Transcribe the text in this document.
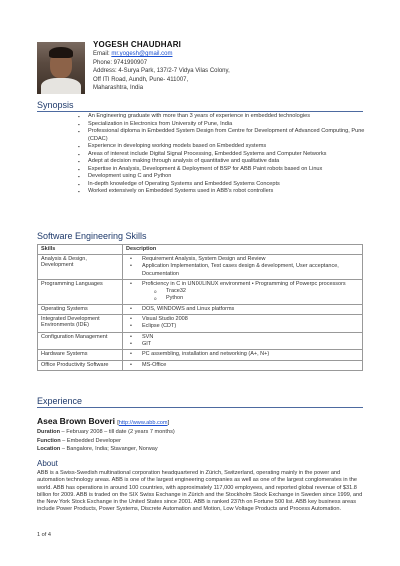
YOGESH CHAUDHARI
Email: mr.yogesh@gmail.com
Phone: 9741990907
Address: 4-Surya Park, 137/2-7 Vidya Vilas Colony,
Off ITI Road, Aundh, Pune- 411007,
Maharashtra, India
Synopsis
▪ An Engineering graduate with more than 3 years of experience in embedded technologies
▪ Specialization in Electronics from University of Pune, India
▪ Professional diploma in Embedded System Design from Centre for Development of Advanced Computing, Pune (CDAC)
▪ Experience in developing working models based on Embedded systems
▪ Areas of interest include Digital Signal Processing, Embedded Systems and Computer Networks
▪ Adept at decision making through analysis of quantitative and qualitative data
▪ Expertise in Analysis, Development & Deployment of BSP for ABB Paint robots based on Linux
▪ Development using C and Python
▪ In-depth knowledge of Operating Systems and Embedded Systems Concepts
▪ Worked extensively on Embedded Systems used in ABB's robot controllers
Software Engineering Skills
Skills	Description
Analysis & Design, Development	• Requirement Analysis, System Design and Review
• Application Implementation, Test cases design & development, User acceptance, Documentation

Programming Languages	• Proficiency in C in UNIX/LINUX environment • Programming of Powerpc processors
o Trace32
o Python

Operating Systems	• DOS, WINDOWS and Linux platforms

Integrated Development Environments (IDE)	• Visual Studio 2008
• Eclipse (CDT)

Configuration Management	• SVN
• GIT

Hardware Systems	• PC assembling, installation and networking (A+, N+)

Office Productivity Software	• MS-Office
Experience
Asea Brown Boveri [http://www.abb.com]
Duration – February 2008 – till date (2 years 7 months)
Function – Embedded Developer
Location – Bangalore, India; Stavanger, Norway
About
ABB is a Swiss-Swedish multinational corporation headquartered in Zürich, Switzerland, operating mainly in the power and automation technology areas. ABB is one of the largest engineering companies as well as one of the largest conglomerates in the world. ABB has operations in around 100 countries, with approximately 117,000 employees, and reported global revenue of $31.8 billion for 2009. ABB is traded on the SIX Swiss Exchange in Zürich and the Stockholm Stock Exchange in Sweden since 1999, and the New York Stock Exchange in the United States since 2001. ABB is ranked 237th on Fortune 500 list. ABB key business areas include Power Products, Power Systems, Discrete Automation and Motion, Low Voltage Products and Process Automation.
1 of 4
